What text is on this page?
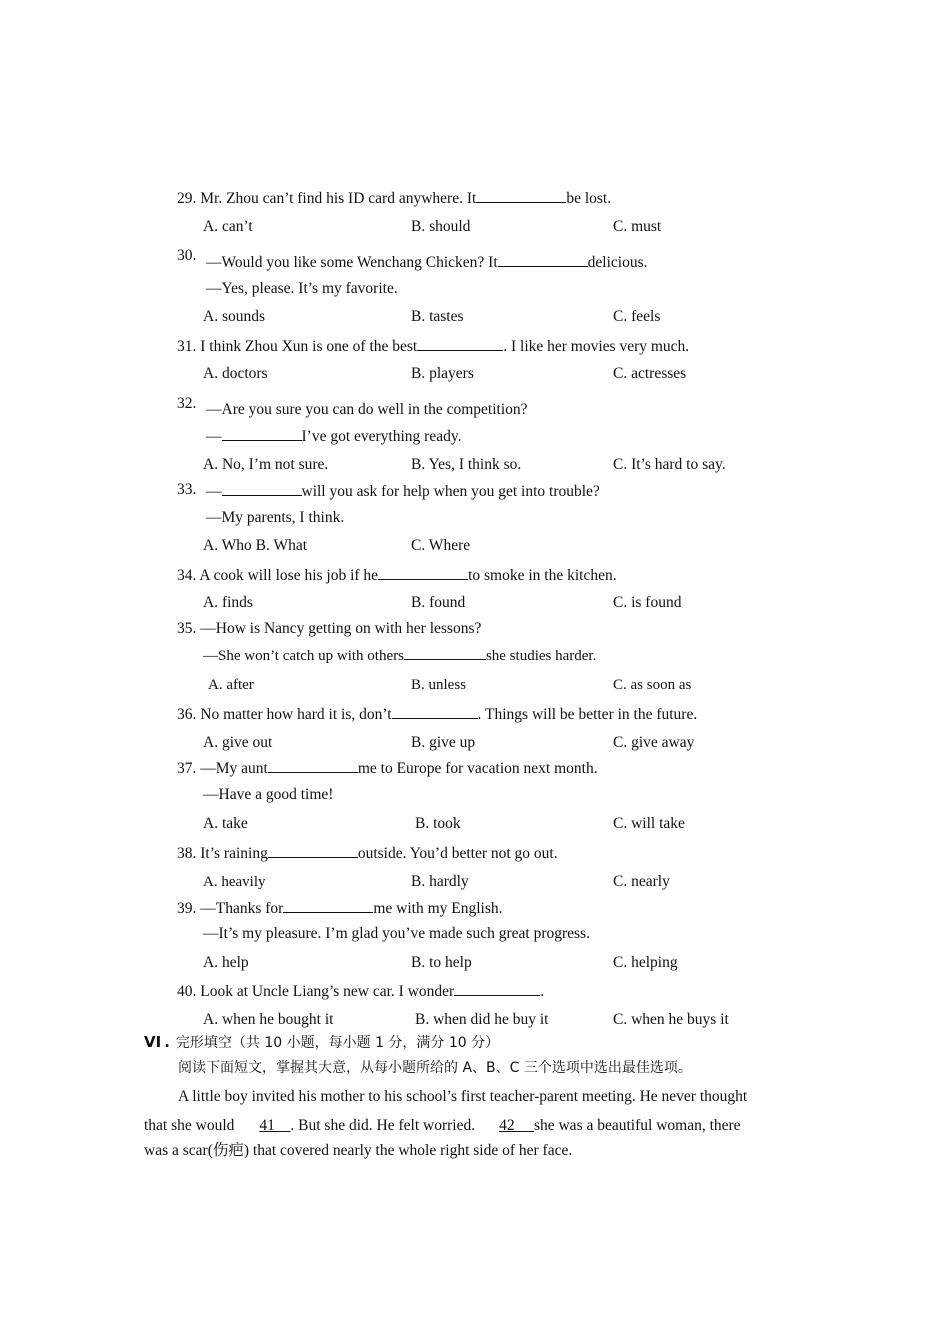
29. Mr. Zhou can’t find his ID card anywhere. It	be lost.
A. can’t	B. should	C. must
30. —Would you like some Wenchang Chicken? It	delicious.
—Yes, please. It’s my favorite.
A. sounds	B. tastes	C. feels
31. I think Zhou Xun is one of the best	. I like her movies very much.
A. doctors	B. players	C. actresses
32. —Are you sure you can do well in the competition?
—	I’ve got everything ready.
A. No, I’m not sure.	B. Yes, I think so.	C. It’s hard to say.
33. —	will you ask for help when you get into trouble?
—My parents, I think.
A. Who B. What	C. Where
34. A cook will lose his job if he	to smoke in the kitchen.
A. finds	B. found	C. is found
35. —How is Nancy getting on with her lessons?
—She won’t catch up with others	she studies harder.
A. after	B. unless	C. as soon as
36. No matter how hard it is, don’t	. Things will be better in the future.
A. give out	B. give up	C. give away
37. —My aunt	me to Europe for vacation next month.
—Have a good time!
A. take	B. took	C. will take
38. It’s raining	outside. You’d better not go out.
A. heavily	B. hardly	C. nearly
39. —Thanks for	me with my English.
—It’s my pleasure. I’m glad you’ve made such great progress.
A. help	B. to help	C. helping
40. Look at Uncle Liang’s new car. I wonder	.
A. when he bought it	B. when did he buy it	C. when he buys it
VI . 完形填空（共 10 小题，每小题 1 分，满分 10 分）
阅读下面短文，掌握其大意，从每小题所给的 A、B、C 三个选项中选出最佳选项。
A little boy invited his mother to his school’s first teacher-parent meeting. He never thought
that she would 41 . But she did. He felt worried. 42 she was a beautiful woman, there
was a scar(伤疤) that covered nearly the whole right side of her face.
